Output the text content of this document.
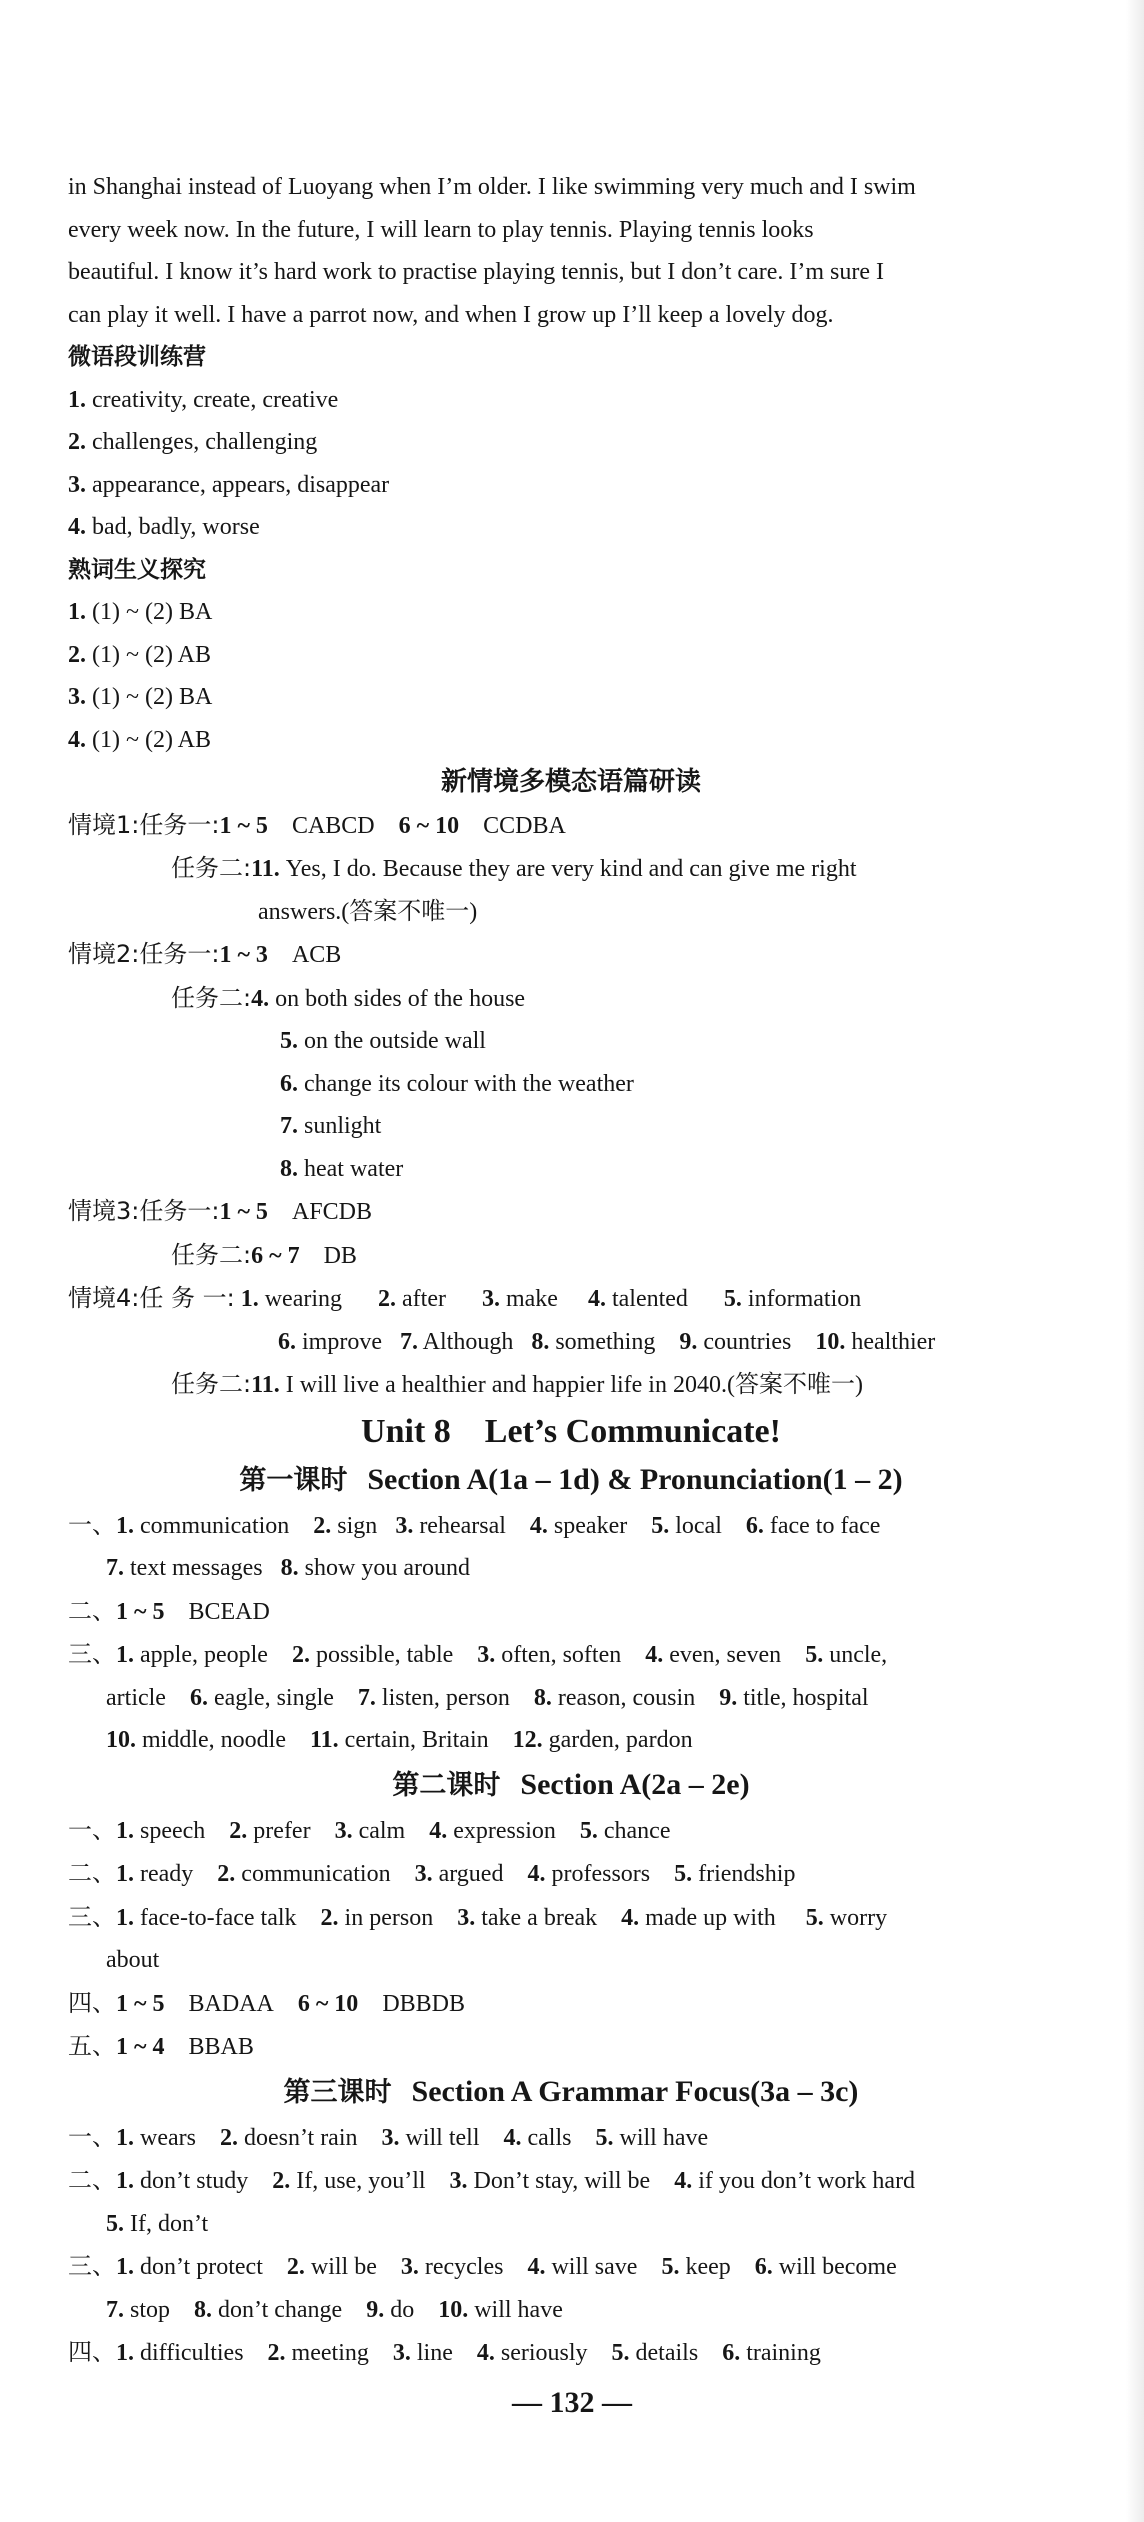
in Shanghai instead of Luoyang when I’m older. I like swimming very much and I swim

every week now. In the future, I will learn to play tennis. Playing tennis looks

beautiful. I know it’s hard work to practise playing tennis, but I don’t care. I’m sure I

can play it well. I have a parrot now, and when I grow up I’ll keep a lovely dog.

微语段训练营

1. creativity, create, creative

2. challenges, challenging

3. appearance, appears, disappear

4. bad, badly, worse

熟词生义探究

1. (1) ~ (2) BA

2. (1) ~ (2) AB

3. (1) ~ (2) BA

4. (1) ~ (2) AB

新情境多模态语篇研读

情境1:任务一:1 ~ 5 CABCD 6 ~ 10 CCDBA

任务二:11. Yes, I do. Because they are very kind and can give me right

answers.(答案不唯一)

情境2:任务一:1 ~ 3 ACB

任务二:4. on both sides of the house

5. on the outside wall

6. change its colour with the weather

7. sunlight

8. heat water

情境3:任务一:1 ~ 5 AFCDB

任务二:6 ~ 7 DB

情境4:任 务 一: 1. wearing 2. after 3. make 4. talented 5. information

6. improve 7. Although 8. something 9. countries 10. healthier

任务二:11. I will live a healthier and happier life in 2040.(答案不唯一)

Unit 8    Let’s Communicate!

第一课时 Section A(1a – 1d) & Pronunciation(1 – 2)

一、1. communication 2. sign 3. rehearsal 4. speaker 5. local 6. face to face

7. text messages 8. show you around

二、1 ~ 5 BCEAD

三、1. apple, people 2. possible, table 3. often, soften 4. even, seven 5. uncle,

article 6. eagle, single 7. listen, person 8. reason, cousin 9. title, hospital

10. middle, noodle 11. certain, Britain 12. garden, pardon

第二课时 Section A(2a – 2e)

一、1. speech 2. prefer 3. calm 4. expression 5. chance

二、1. ready 2. communication 3. argued 4. professors 5. friendship

三、1. face-to-face talk 2. in person 3. take a break 4. made up with 5. worry

about

四、1 ~ 5 BADAA 6 ~ 10 DBBDB

五、1 ~ 4 BBAB

第三课时 Section A Grammar Focus(3a – 3c)

一、1. wears 2. doesn’t rain 3. will tell 4. calls 5. will have

二、1. don’t study 2. If, use, you’ll 3. Don’t stay, will be 4. if you don’t work hard

5. If, don’t

三、1. don’t protect 2. will be 3. recycles 4. will save 5. keep 6. will become

7. stop 8. don’t change 9. do 10. will have

四、1. difficulties 2. meeting 3. line 4. seriously 5. details 6. training

— 132 —
